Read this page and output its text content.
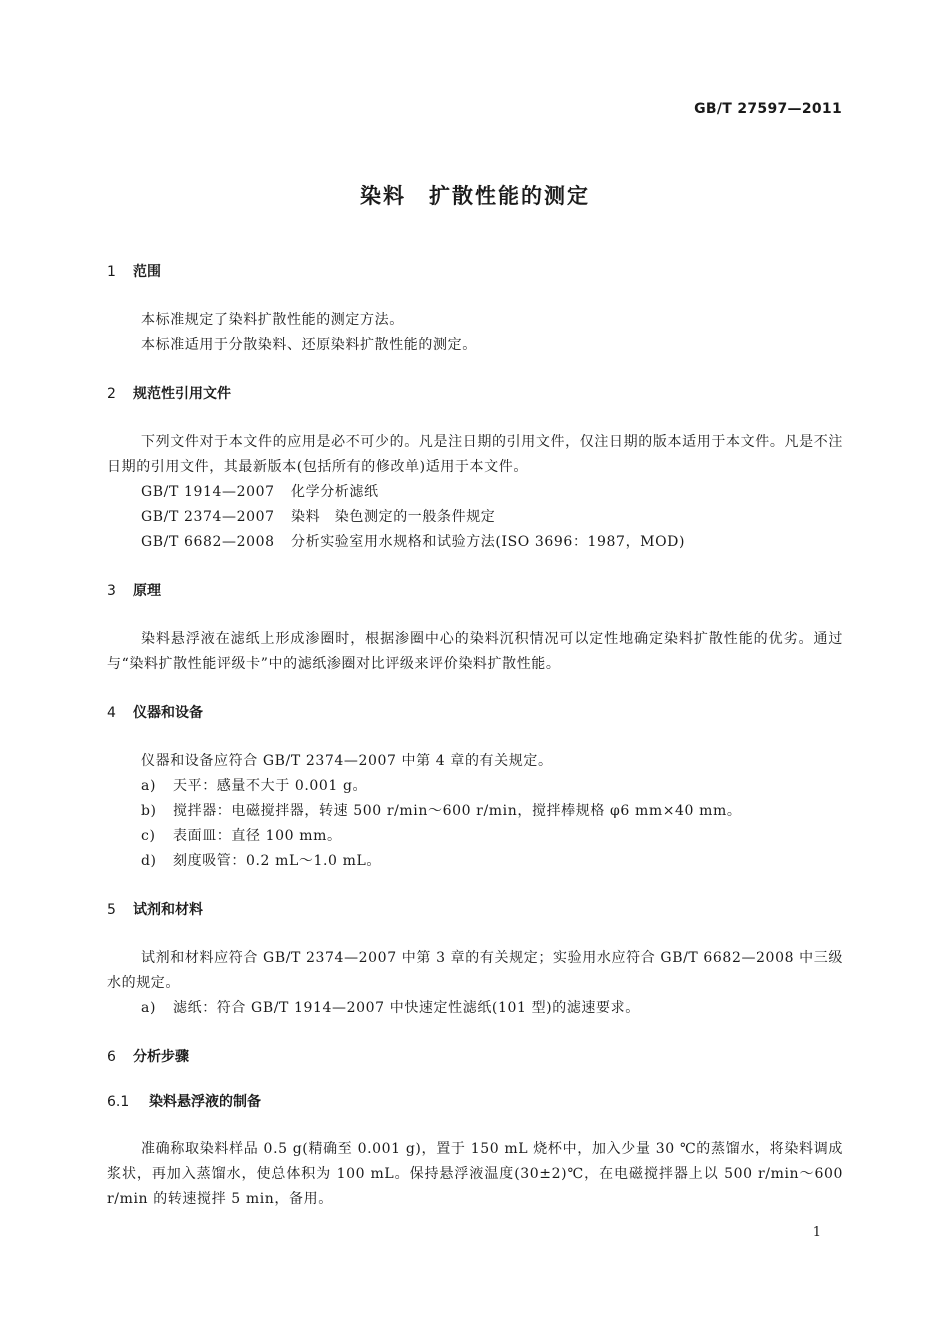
GB/T 27597—2011
染料　扩散性能的测定
1 范围
本标准规定了染料扩散性能的测定方法。
本标准适用于分散染料、还原染料扩散性能的测定。
2 规范性引用文件
下列文件对于本文件的应用是必不可少的。凡是注日期的引用文件，仅注日期的版本适用于本文件。凡是不注日期的引用文件，其最新版本(包括所有的修改单)适用于本文件。
GB/T 1914—2007 化学分析滤纸
GB/T 2374—2007 染料　染色测定的一般条件规定
GB/T 6682—2008 分析实验室用水规格和试验方法(ISO 3696：1987，MOD)
3 原理
染料悬浮液在滤纸上形成渗圈时，根据渗圈中心的染料沉积情况可以定性地确定染料扩散性能的优劣。通过与“染料扩散性能评级卡”中的滤纸渗圈对比评级来评价染料扩散性能。
4 仪器和设备
仪器和设备应符合 GB/T 2374—2007 中第 4 章的有关规定。
a) 天平：感量不大于 0.001 g。
b) 搅拌器：电磁搅拌器，转速 500 r/min～600 r/min，搅拌棒规格 φ6 mm×40 mm。
c) 表面皿：直径 100 mm。
d) 刻度吸管：0.2 mL～1.0 mL。
5 试剂和材料
试剂和材料应符合 GB/T 2374—2007 中第 3 章的有关规定；实验用水应符合 GB/T 6682—2008 中三级水的规定。
a) 滤纸：符合 GB/T 1914—2007 中快速定性滤纸(101 型)的滤速要求。
6 分析步骤
6.1 染料悬浮液的制备
准确称取染料样品 0.5 g(精确至 0.001 g)，置于 150 mL 烧杯中，加入少量 30 ℃的蒸馏水，将染料调成浆状，再加入蒸馏水，使总体积为 100 mL。保持悬浮液温度(30±2)℃，在电磁搅拌器上以 500 r/min～600 r/min 的转速搅拌 5 min，备用。
1
